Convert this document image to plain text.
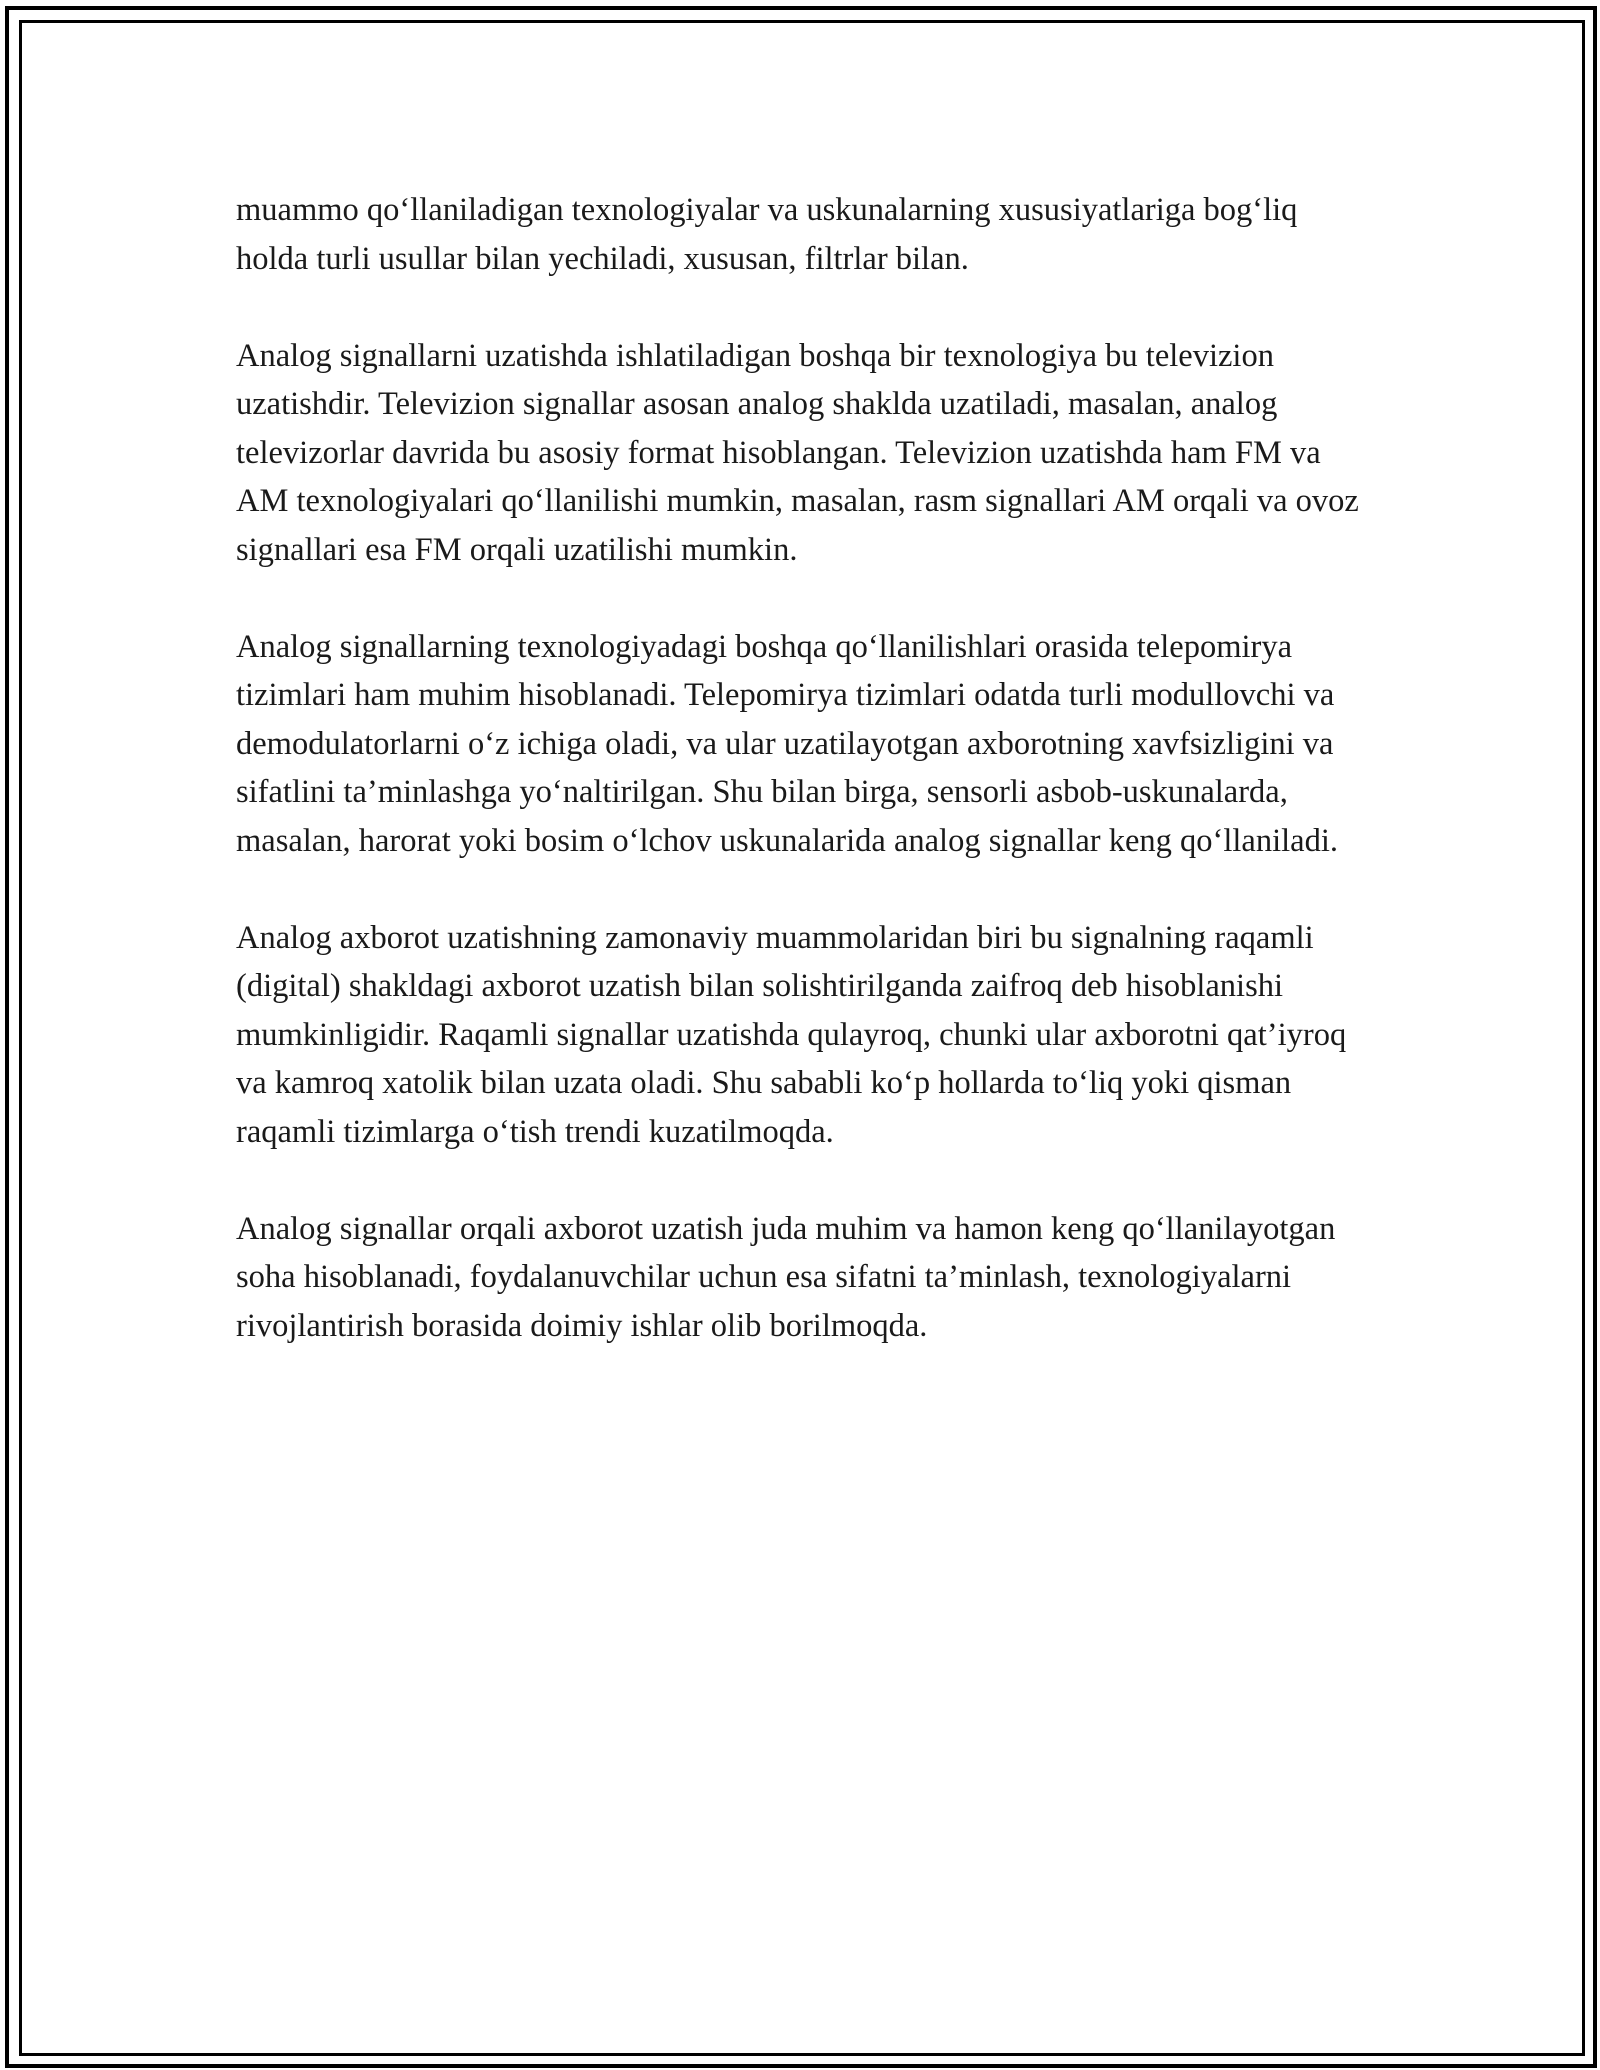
muammo qo‘llaniladigan texnologiyalar va uskunalarning xususiyatlariga bog‘liq holda turli usullar bilan yechiladi, xususan, filtrlar bilan.

Analog signallarni uzatishda ishlatiladigan boshqa bir texnologiya bu televizion uzatishdir. Televizion signallar asosan analog shaklda uzatiladi, masalan, analog televizorlar davrida bu asosiy format hisoblangan. Televizion uzatishda ham FM va AM texnologiyalari qo‘llanilishi mumkin, masalan, rasm signallari AM orqali va ovoz signallari esa FM orqali uzatilishi mumkin.

Analog signallarning texnologiyadagi boshqa qo‘llanilishlari orasida telepomirya tizimlari ham muhim hisoblanadi. Telepomirya tizimlari odatda turli modullovchi va demodulatorlarni o‘z ichiga oladi, va ular uzatilayotgan axborotning xavfsizligini va sifatlini ta’minlashga yo‘naltirilgan. Shu bilan birga, sensorli asbob-uskunalarda, masalan, harorat yoki bosim o‘lchov uskunalarida analog signallar keng qo‘llaniladi.

Analog axborot uzatishning zamonaviy muammolaridan biri bu signalning raqamli (digital) shakldagi axborot uzatish bilan solishtirilganda zaifroq deb hisoblanishi mumkinligidir. Raqamli signallar uzatishda qulayroq, chunki ular axborotni qat’iyroq va kamroq xatolik bilan uzata oladi. Shu sababli ko‘p hollarda to‘liq yoki qisman raqamli tizimlarga o‘tish trendi kuzatilmoqda.

Analog signallar orqali axborot uzatish juda muhim va hamon keng qo‘llanilayotgan soha hisoblanadi, foydalanuvchilar uchun esa sifatni ta’minlash, texnologiyalarni rivojlantirish borasida doimiy ishlar olib borilmoqda.
